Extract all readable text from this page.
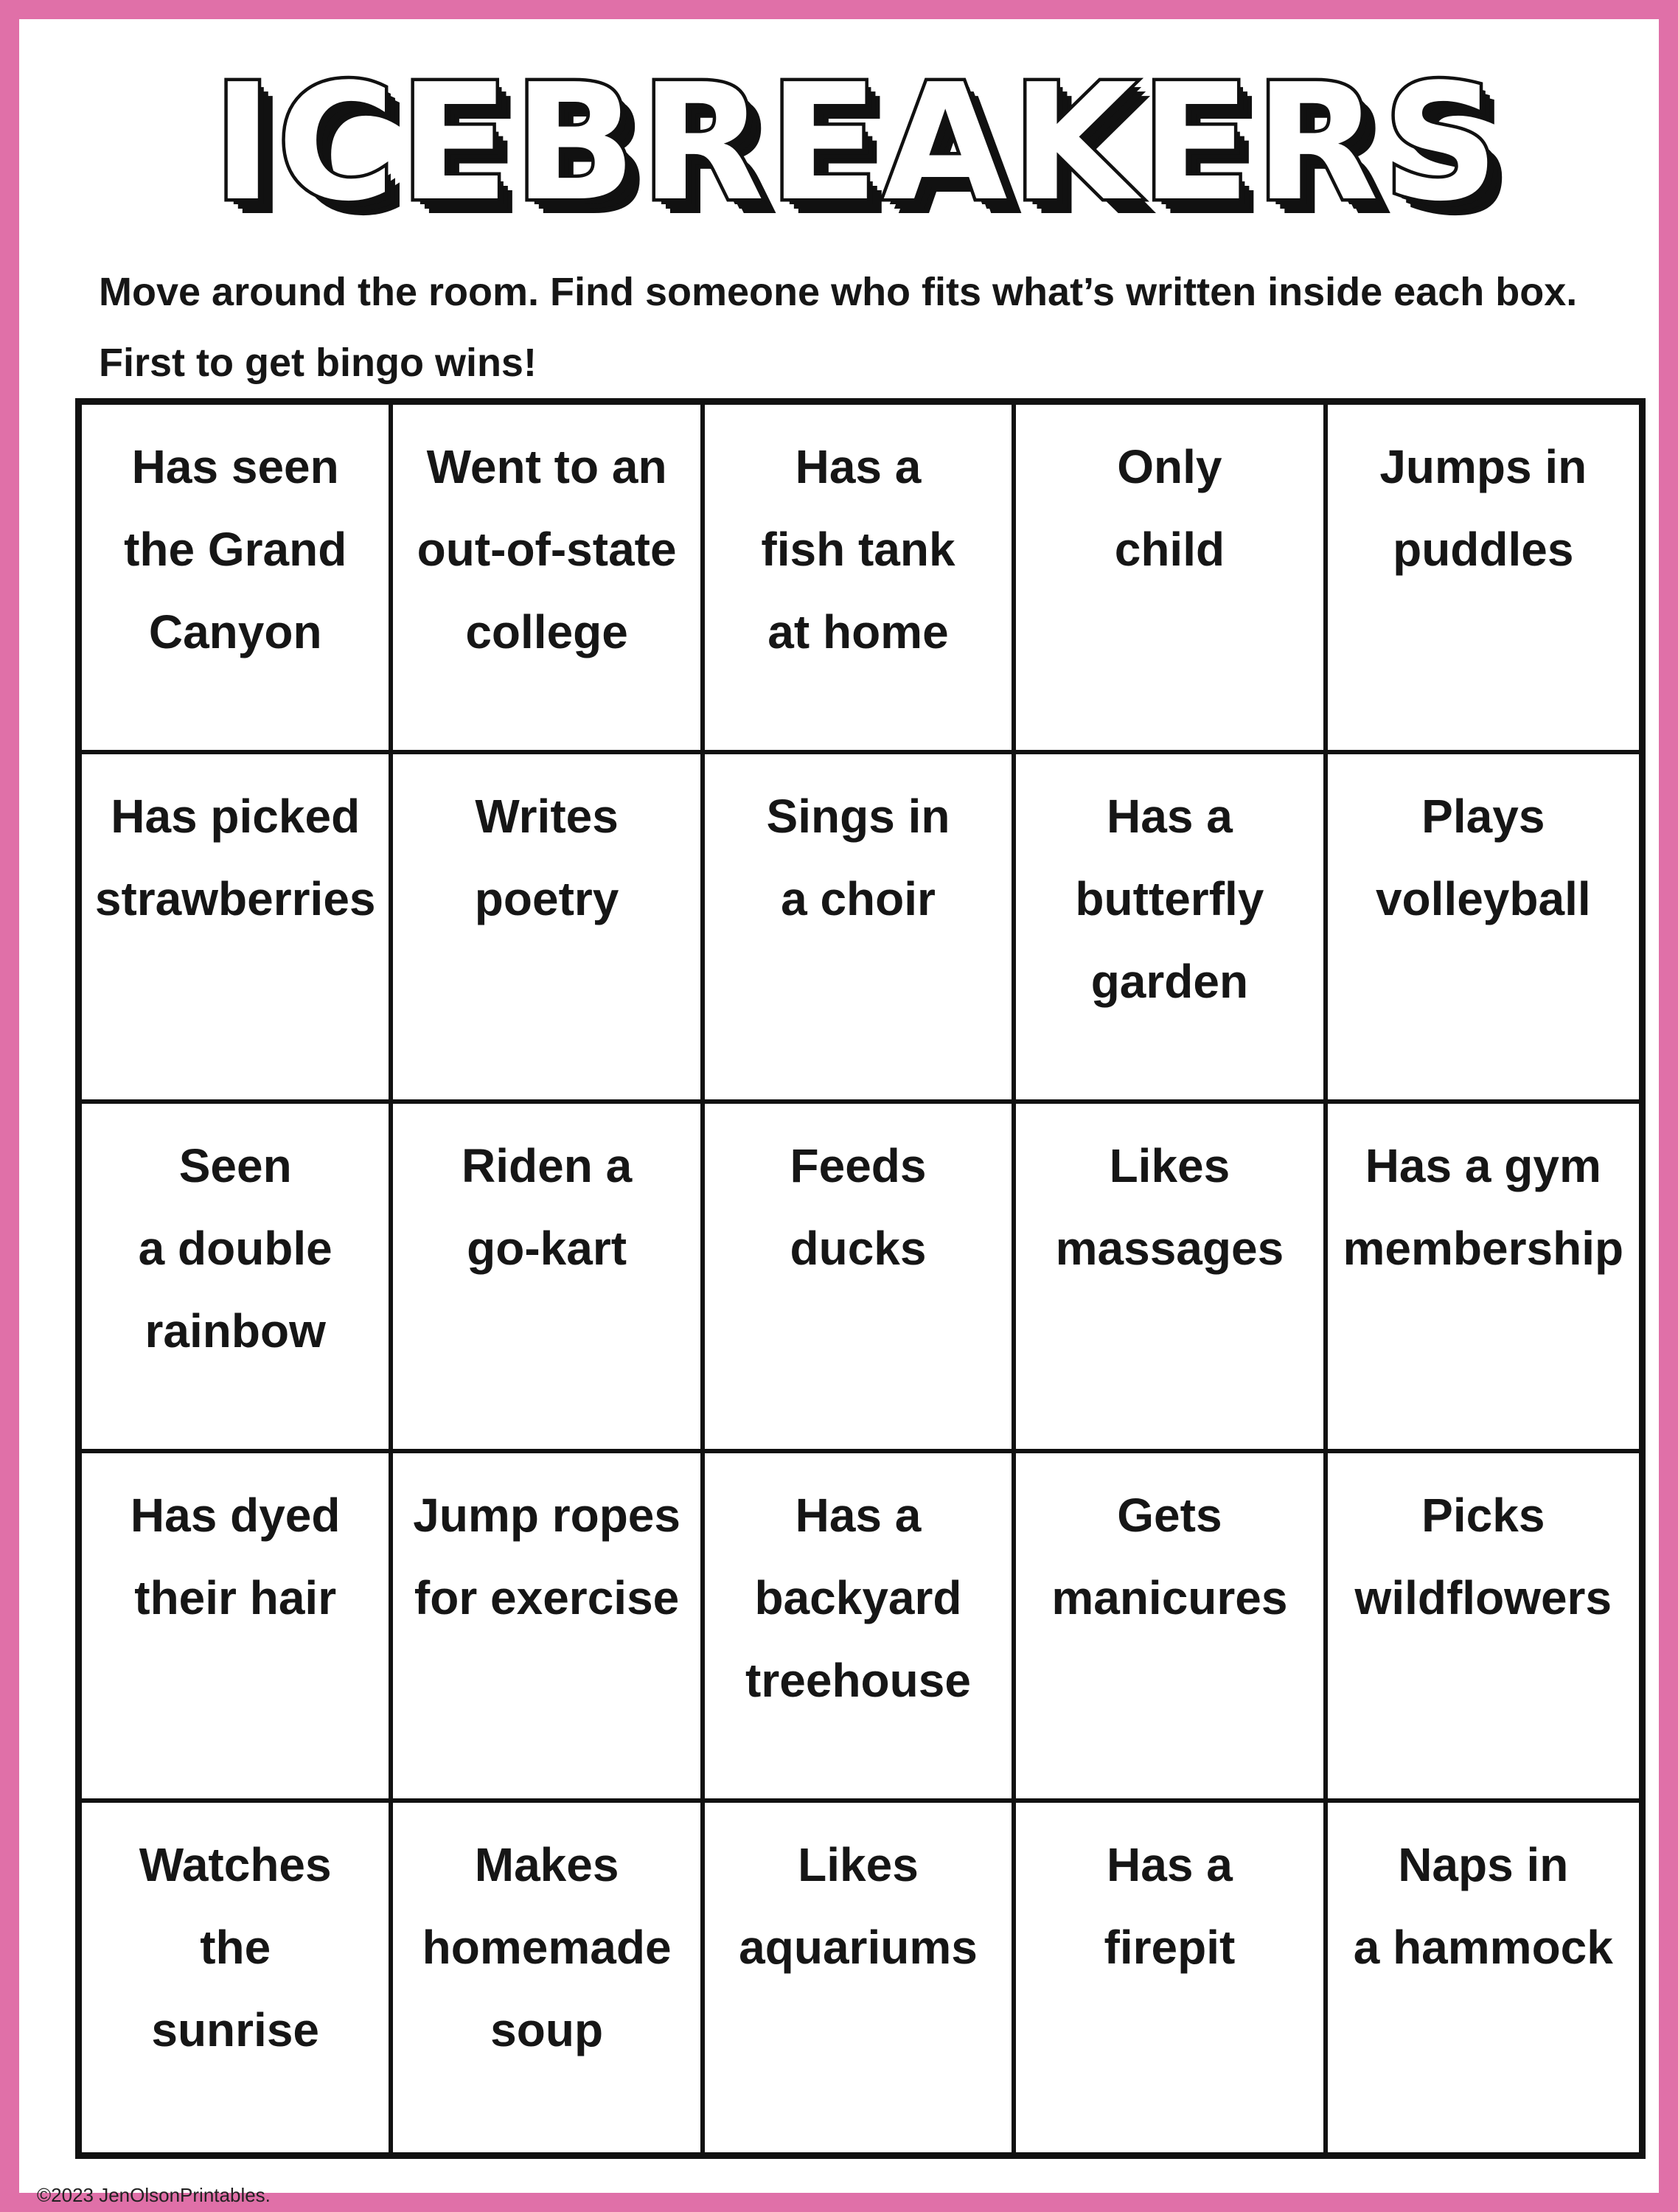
ICEBREAKERS
Move around the room. Find someone who fits what’s written inside each box.
First to get bingo wins!
Has seen
the Grand
Canyon
Went to an
out-of-state
college
Has a
fish tank
at home
Only
child
Jumps in
puddles
Has picked
strawberries
Writes
poetry
Sings in
a choir
Has a
butterfly
garden
Plays
volleyball
Seen
a double
rainbow
Riden a
go-kart
Feeds
ducks
Likes
massages
Has a gym
membership
Has dyed
their hair
Jump ropes
for exercise
Has a
backyard
treehouse
Gets
manicures
Picks
wildflowers
Watches
the
sunrise
Makes
homemade
soup
Likes
aquariums
Has a
firepit
Naps in
a hammock
©2023 JenOlsonPrintables.
